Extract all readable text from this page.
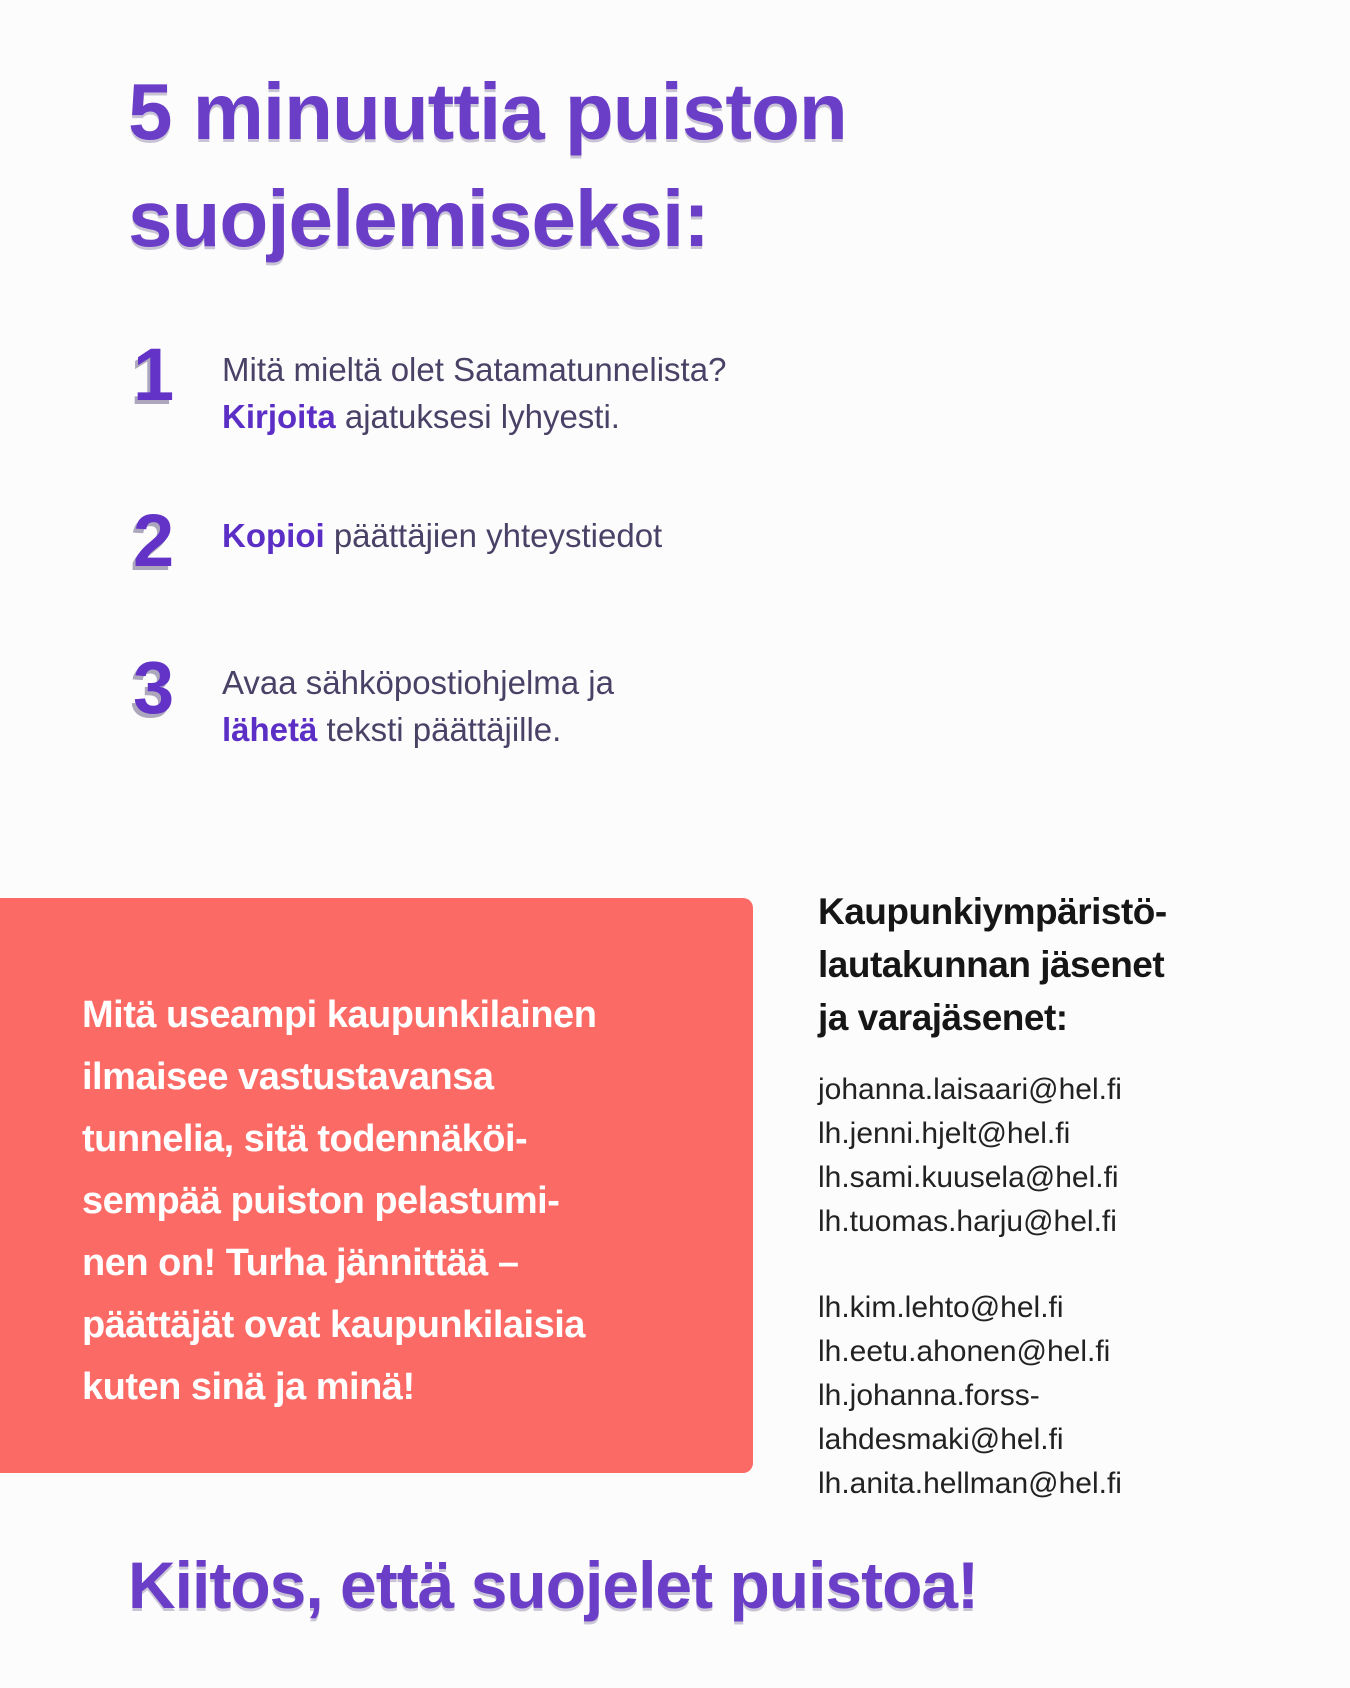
5 minuuttia puiston
suojelemiseksi:
1	Mitä mieltä olet Satamatunnelista?
Kirjoita ajatuksesi lyhyesti.
2	Kopioi päättäjien yhteystiedot
3	Avaa sähköpostiohjelma ja
lähetä teksti päättäjille.
Mitä useampi kaupunkilainen
ilmaisee vastustavansa
tunnelia, sitä todennäköi-
sempää puiston pelastumi-
nen on! Turha jännittää –
päättäjät ovat kaupunkilaisia
kuten sinä ja minä!
Kaupunkiympäristö-
lautakunnan jäsenet
ja varajäsenet:
johanna.laisaari@hel.fi
lh.jenni.hjelt@hel.fi
lh.sami.kuusela@hel.fi
lh.tuomas.harju@hel.fi
lh.kim.lehto@hel.fi
lh.eetu.ahonen@hel.fi
lh.johanna.forss-
lahdesmaki@hel.fi
lh.anita.hellman@hel.fi
Kiitos, että suojelet puistoa!
